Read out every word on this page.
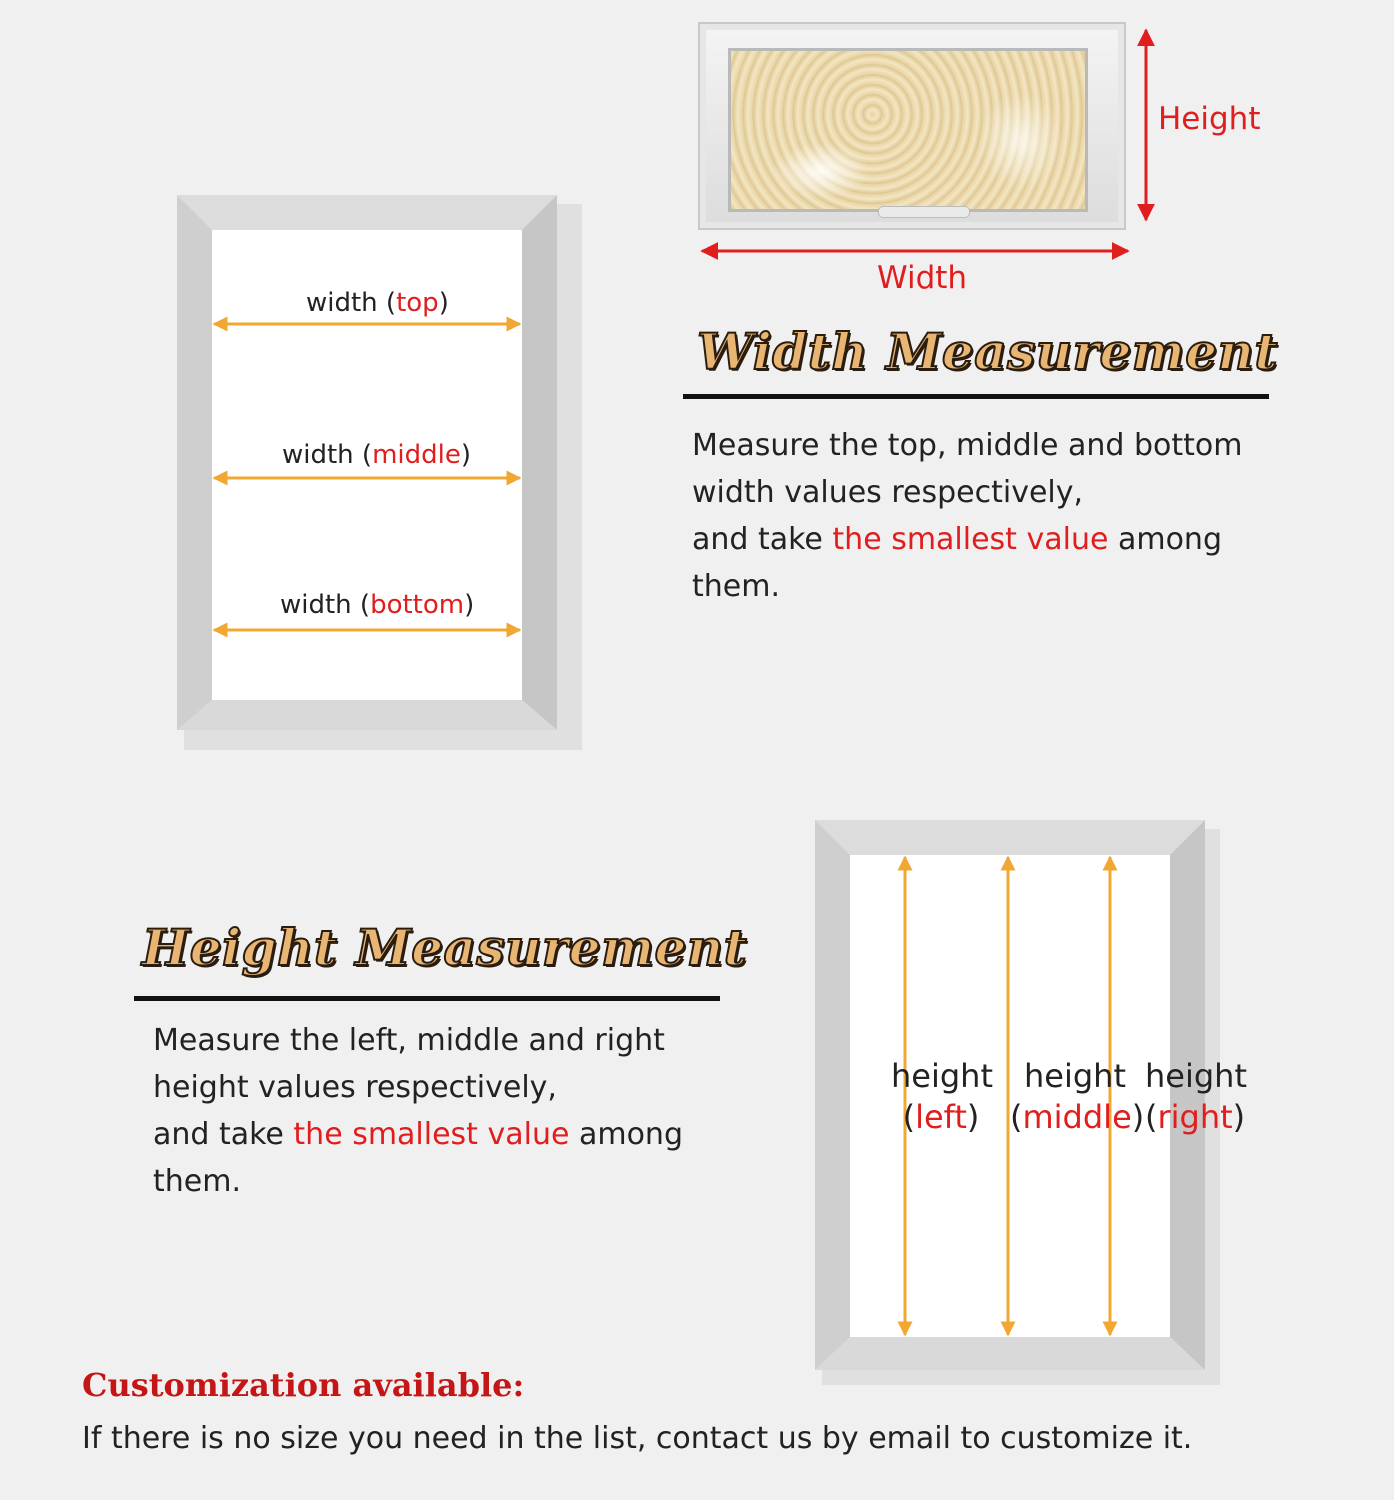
Height
Width
width (top)
width (middle)
width (bottom)
Width Measurement
Measure the top, middle and bottom
width values respectively,
and take the smallest value among
them.
Height Measurement
Measure the left, middle and right
height values respectively,
and take the smallest value among
them.
height
(left)
height
(middle)
height
(right)
Customization available:
If there is no size you need in the list, contact us by email to customize it.
